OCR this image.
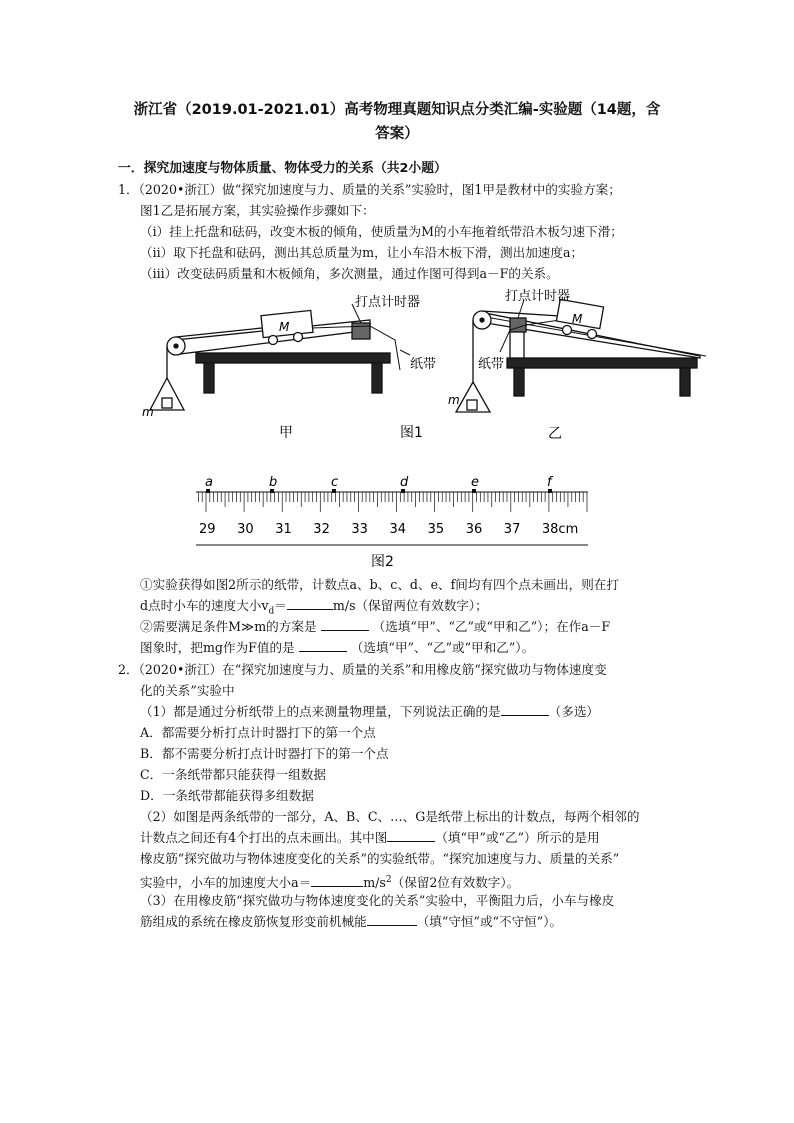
浙江省（2019.01-2021.01）高考物理真题知识点分类汇编-实验题（14题，含
答案）
一．探究加速度与物体质量、物体受力的关系（共2小题）
1．（2020•浙江）做“探究加速度与力、质量的关系”实验时，图1甲是教材中的实验方案；
图1乙是拓展方案，其实验操作步骤如下：
（i）挂上托盘和砝码，改变木板的倾角，使质量为M的小车拖着纸带沿木板匀速下滑；
（ii）取下托盘和砝码，测出其总质量为m，让小车沿木板下滑，测出加速度a；
（iii）改变砝码质量和木板倾角，多次测量，通过作图可得到a－F的关系。
打点计时器	打点计时器
纸带	纸带
M
M
m
m
甲	图1	乙
29 30 31 32 33 34 35 36 37 38cm
a	b	c	d	e	f
图2
①实验获得如图2所示的纸带，计数点a、b、c、d、e、f间均有四个点未画出，则在打
d点时小车的速度大小$v_d=$	m/s（保留两位有效数字）；
②需要满足条件M≫m的方案是	（选填“甲”、“乙”或“甲和乙”）；在作a－F
图象时，把mg作为F值的是	（选填“甲”、“乙”或“甲和乙”）。
2．（2020•浙江）在“探究加速度与力、质量的关系”和用橡皮筋“探究做功与物体速度变
化的关系”实验中
（1）都是通过分析纸带上的点来测量物理量，下列说法正确的是	（多选）
A．都需要分析打点计时器打下的第一个点
B．都不需要分析打点计时器打下的第一个点
C．一条纸带都只能获得一组数据
D．一条纸带都能获得多组数据
（2）如图是两条纸带的一部分，A、B、C、…、G是纸带上标出的计数点，每两个相邻的
计数点之间还有4个打出的点未画出。其中图	（填“甲”或“乙”）所示的是用
橡皮筋“探究做功与物体速度变化的关系”的实验纸带。“探究加速度与力、质量的关系”
实验中，小车的加速度大小a＝	$m/s^2$（保留2位有效数字）。
（3）在用橡皮筋“探究做功与物体速度变化的关系”实验中，平衡阻力后，小车与橡皮
筋组成的系统在橡皮筋恢复形变前机械能	（填“守恒”或“不守恒”）。
